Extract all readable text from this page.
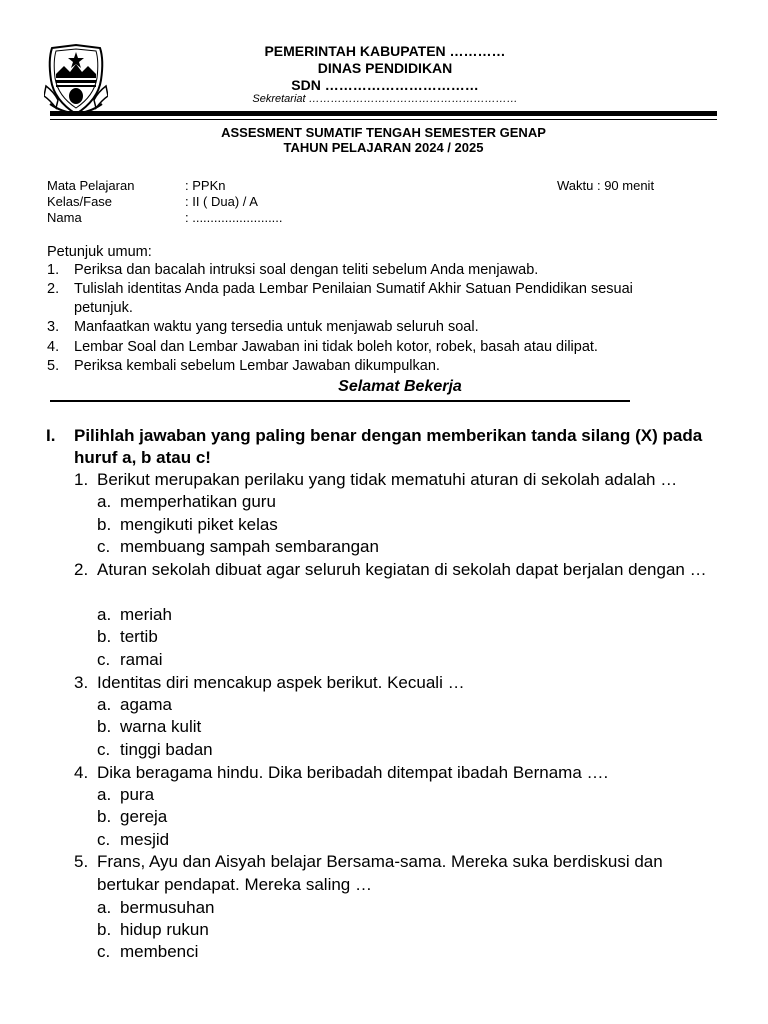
PEMERINTAH KABUPATEN …………
DINAS PENDIDIKAN
SDN ……………………………
Sekretariat …………………………………………………
ASSESMENT SUMATIF TENGAH SEMESTER GENAP
TAHUN PELAJARAN 2024 / 2025
Mata Pelajaran	: PPKn
Kelas/Fase	: II ( Dua) / A
Nama	: .........................
Waktu : 90 menit
Petunjuk umum:
1. Periksa dan bacalah intruksi soal dengan teliti sebelum Anda menjawab.
2. Tulislah identitas Anda pada Lembar Penilaian Sumatif Akhir Satuan Pendidikan sesuai petunjuk.
3. Manfaatkan waktu yang tersedia untuk menjawab seluruh soal.
4. Lembar Soal dan Lembar Jawaban ini tidak boleh kotor, robek, basah atau dilipat.
5. Periksa kembali sebelum Lembar Jawaban dikumpulkan.
Selamat Bekerja
I. Pilihlah jawaban yang paling benar dengan memberikan tanda silang (X) pada huruf a, b atau c!
1. Berikut merupakan perilaku yang tidak mematuhi aturan di sekolah adalah …
a. memperhatikan guru
b. mengikuti piket kelas
c. membuang sampah sembarangan
2. Aturan sekolah dibuat agar seluruh kegiatan di sekolah dapat berjalan dengan …
a. meriah
b. tertib
c. ramai
3. Identitas diri mencakup aspek berikut. Kecuali …
a. agama
b. warna kulit
c. tinggi badan
4. Dika beragama hindu. Dika beribadah ditempat ibadah Bernama ….
a. pura
b. gereja
c. mesjid
5. Frans, Ayu dan Aisyah belajar Bersama-sama. Mereka suka berdiskusi dan bertukar pendapat. Mereka saling …
a. bermusuhan
b. hidup rukun
c. membenci
